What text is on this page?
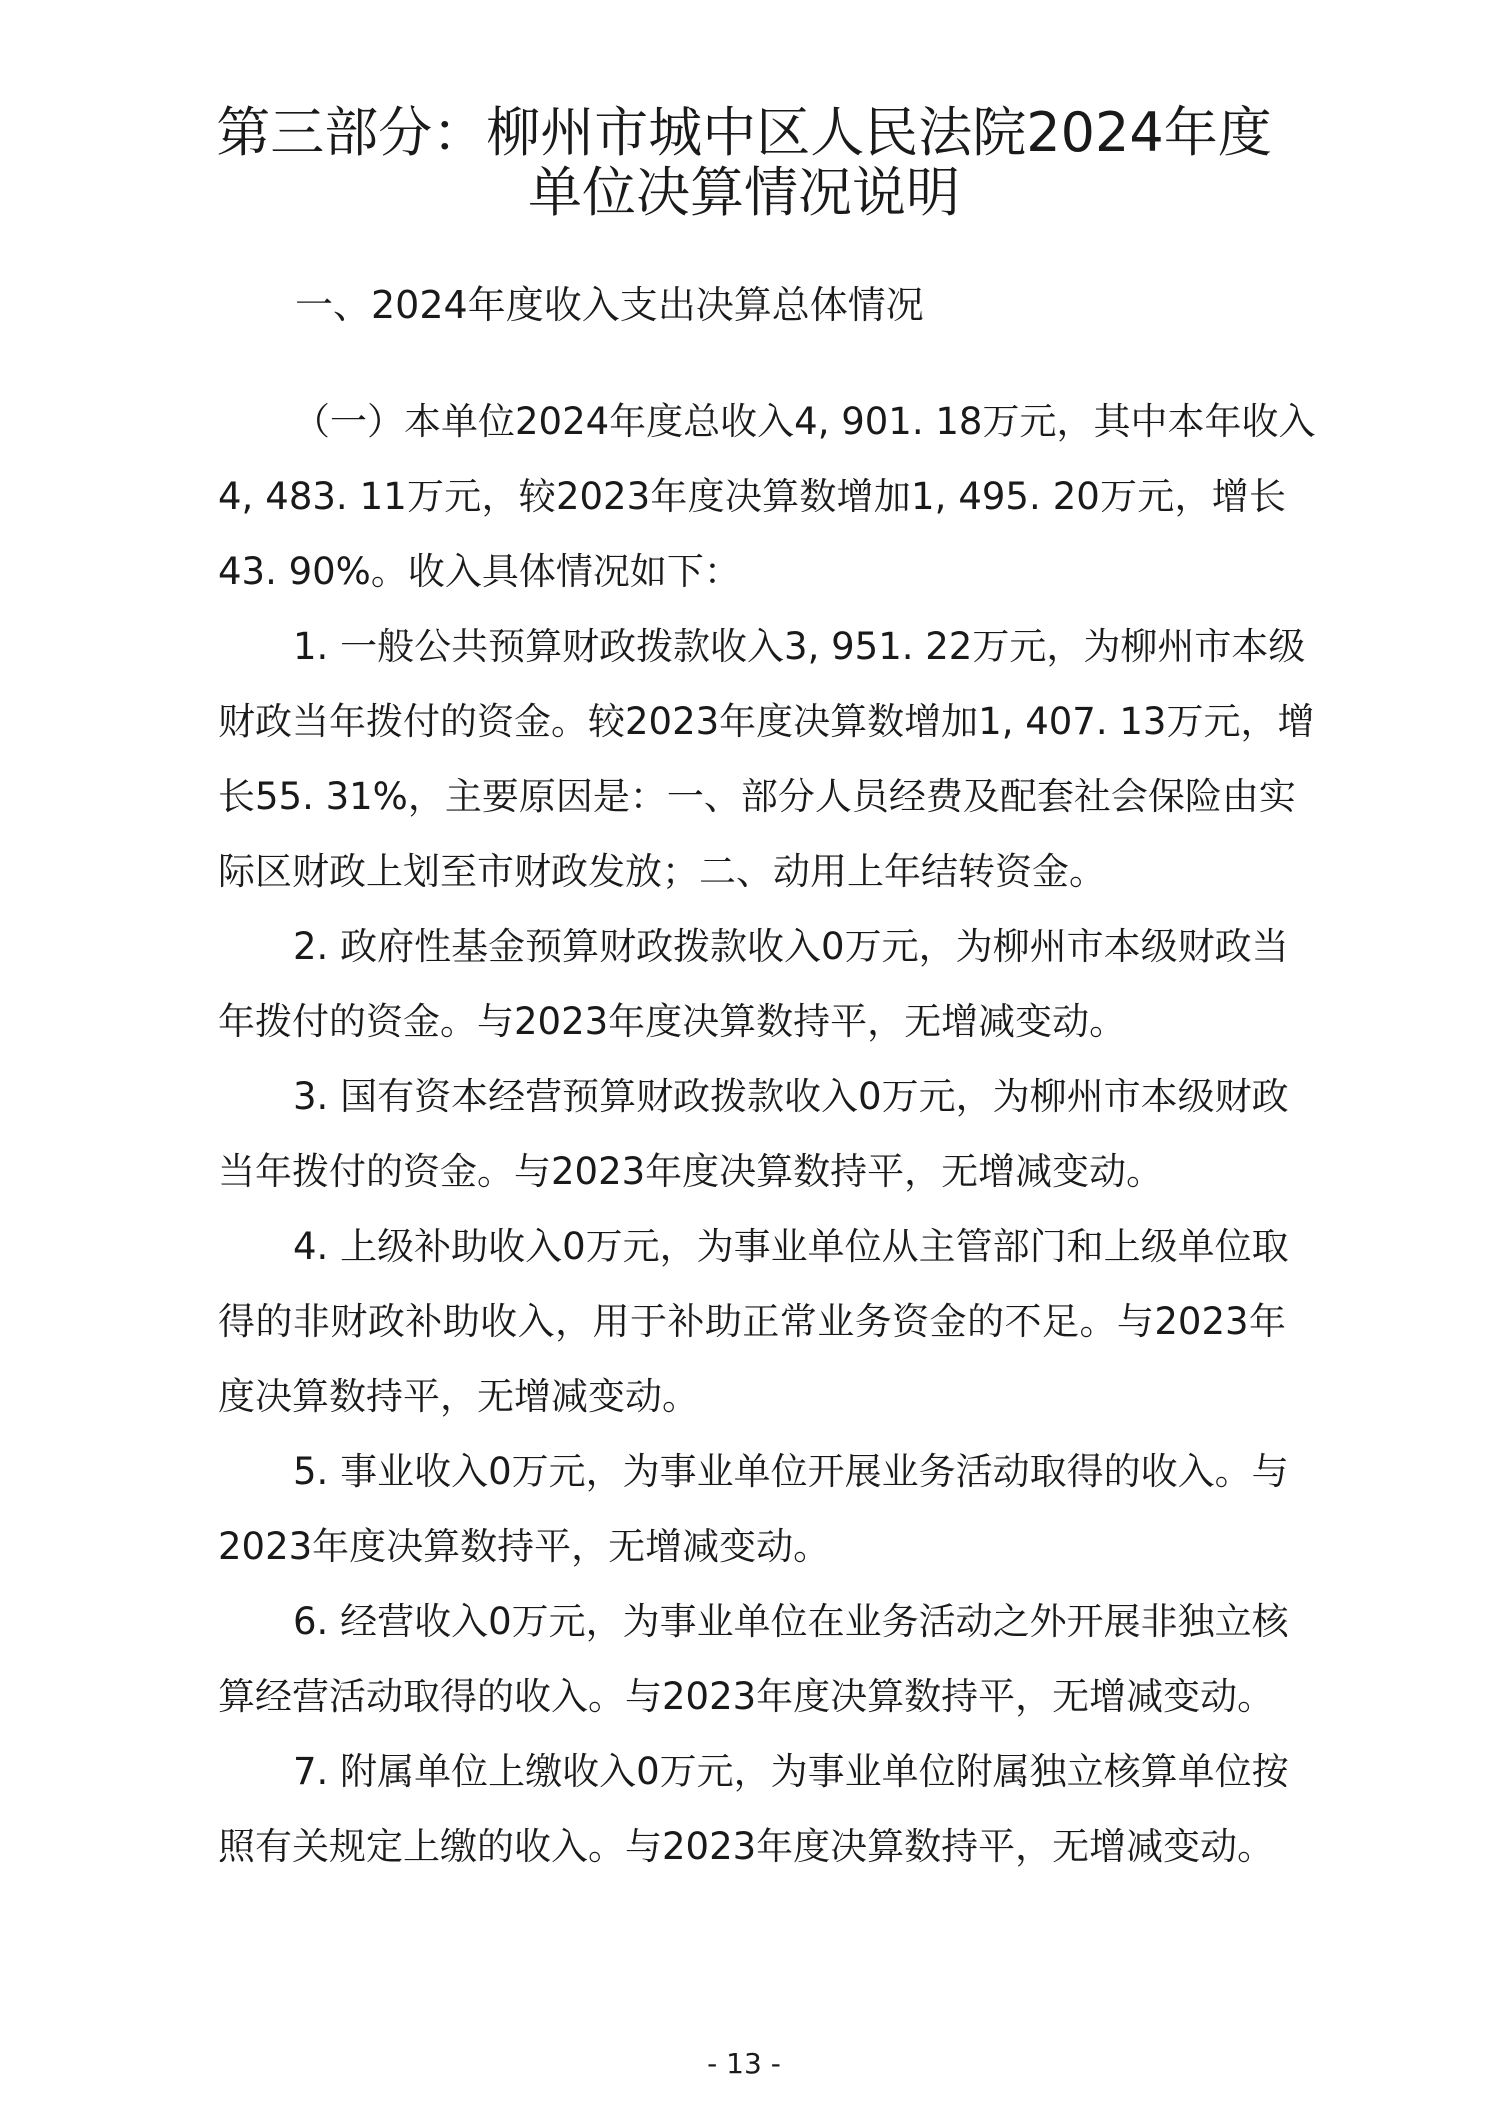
第三部分：柳州市城中区人民法院2024年度
单位决算情况说明
一、2024年度收入支出决算总体情况

（一）本单位2024年度总收入4, 901. 18万元，其中本年收入

4, 483. 11万元，较2023年度决算数增加1, 495. 20万元，增长

43. 90%。收入具体情况如下：

1. 一般公共预算财政拨款收入3, 951. 22万元，为柳州市本级

财政当年拨付的资金。较2023年度决算数增加1, 407. 13万元，增

长55. 31%，主要原因是：一、部分人员经费及配套社会保险由实

际区财政上划至市财政发放；二、动用上年结转资金。

2. 政府性基金预算财政拨款收入0万元，为柳州市本级财政当

年拨付的资金。与2023年度决算数持平，无增减变动。

3. 国有资本经营预算财政拨款收入0万元，为柳州市本级财政

当年拨付的资金。与2023年度决算数持平，无增减变动。

4. 上级补助收入0万元，为事业单位从主管部门和上级单位取

得的非财政补助收入，用于补助正常业务资金的不足。与2023年

度决算数持平，无增减变动。

5. 事业收入0万元，为事业单位开展业务活动取得的收入。与

2023年度决算数持平，无增减变动。

6. 经营收入0万元，为事业单位在业务活动之外开展非独立核

算经营活动取得的收入。与2023年度决算数持平，无增减变动。

7. 附属单位上缴收入0万元，为事业单位附属独立核算单位按

照有关规定上缴的收入。与2023年度决算数持平，无增减变动。

- 13 -
